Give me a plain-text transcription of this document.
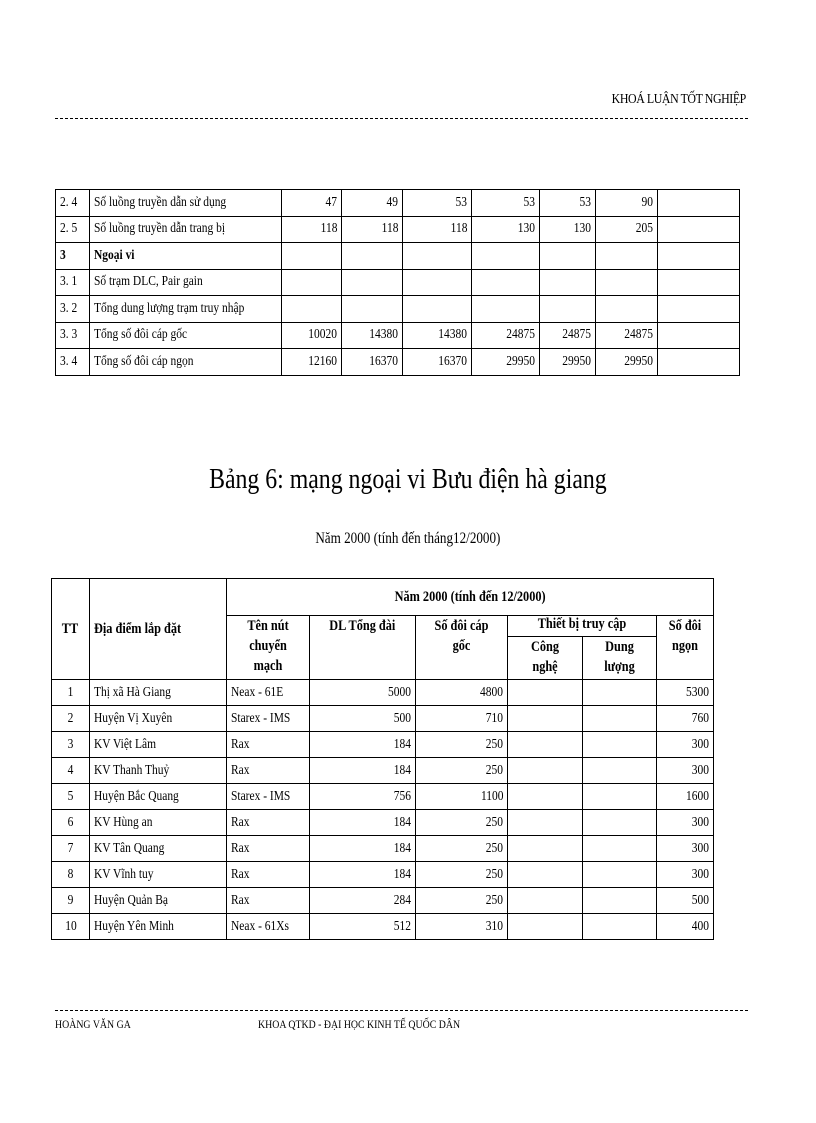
KHOÁ LUẬN TỐT NGHIỆP
2. 4	Số luồng truyền dẫn sử dụng	47	49	53	53	53	90	
2. 5	Số luồng truyền dẫn trang bị	118	118	118	130	130	205	
3	Ngoại vi							
3. 1	Số trạm DLC, Pair gain							
3. 2	Tổng dung lượng trạm truy nhập							
3. 3	Tổng số đôi cáp gốc	10020	14380	14380	24875	24875	24875	
3. 4	Tổng số đôi cáp ngọn	12160	16370	16370	29950	29950	29950	
Bảng 6: mạng ngoại vi Bưu điện hà giang
Năm 2000 (tính đến tháng12/2000)
TT	Địa điểm lắp đặt	Năm 2000 (tính đến 12/2000)					
		Tên nút chuyển mạch	DL Tổng đài	Số đôi cáp gốc	Thiết bị truy cập		Số đôi ngọn
					Công nghệ	Dung lượng	
1	Thị xã Hà Giang	Neax - 61E	5000	4800			5300
2	Huyện Vị Xuyên	Starex - IMS	500	710			760
3	KV Việt Lâm	Rax	184	250			300
4	KV Thanh Thuỷ	Rax	184	250			300
5	Huyện Bắc Quang	Starex - IMS	756	1100			1600
6	KV Hùng an	Rax	184	250			300
7	KV Tân Quang	Rax	184	250			300
8	KV Vĩnh tuy	Rax	184	250			300
9	Huyện Quản Bạ	Rax	284	250			500
10	Huyện Yên Minh	Neax - 61Xs	512	310			400
HOÀNG VĂN GA	KHOA QTKD - ĐẠI HỌC KINH TẾ QUỐC DÂN
